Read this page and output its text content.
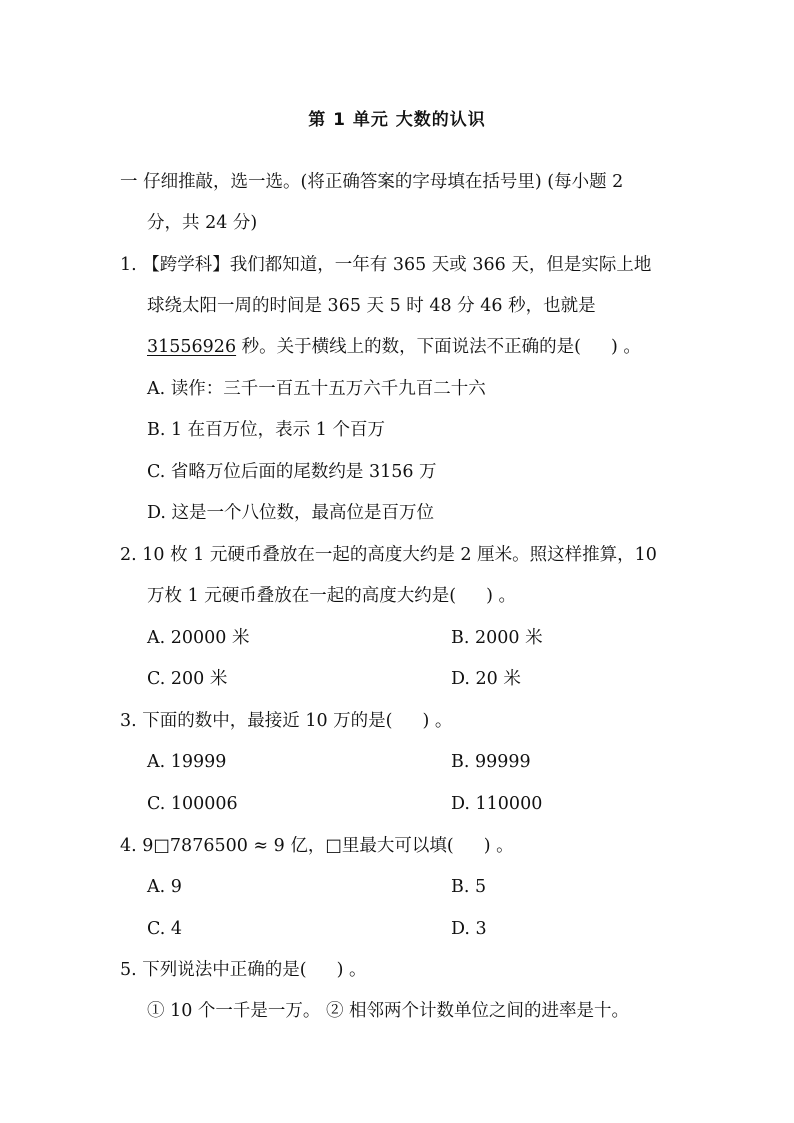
第 1 单元 大数的认识
一 仔细推敲，选一选。(将正确答案的字母填在括号里) (每小题 2
分，共 24 分)
1. 【跨学科】我们都知道，一年有 365 天或 366 天，但是实际上地
球绕太阳一周的时间是 365 天 5 时 48 分 46 秒，也就是
31556926 秒。关于横线上的数，下面说法不正确的是( ) 。
A. 读作：三千一百五十五万六千九百二十六
B. 1 在百万位，表示 1 个百万
C. 省略万位后面的尾数约是 3156 万
D. 这是一个八位数，最高位是百万位
2. 10 枚 1 元硬币叠放在一起的高度大约是 2 厘米。照这样推算，10
万枚 1 元硬币叠放在一起的高度大约是( ) 。
A. 20000 米	B. 2000 米
C. 200 米	D. 20 米
3. 下面的数中，最接近 10 万的是( ) 。
A. 19999	B. 99999
C. 100006	D. 110000
4. 9□7876500 ≈ 9 亿，□里最大可以填( ) 。
A. 9	B. 5
C. 4	D. 3
5. 下列说法中正确的是( ) 。
① 10 个一千是一万。 ② 相邻两个计数单位之间的进率是十。
